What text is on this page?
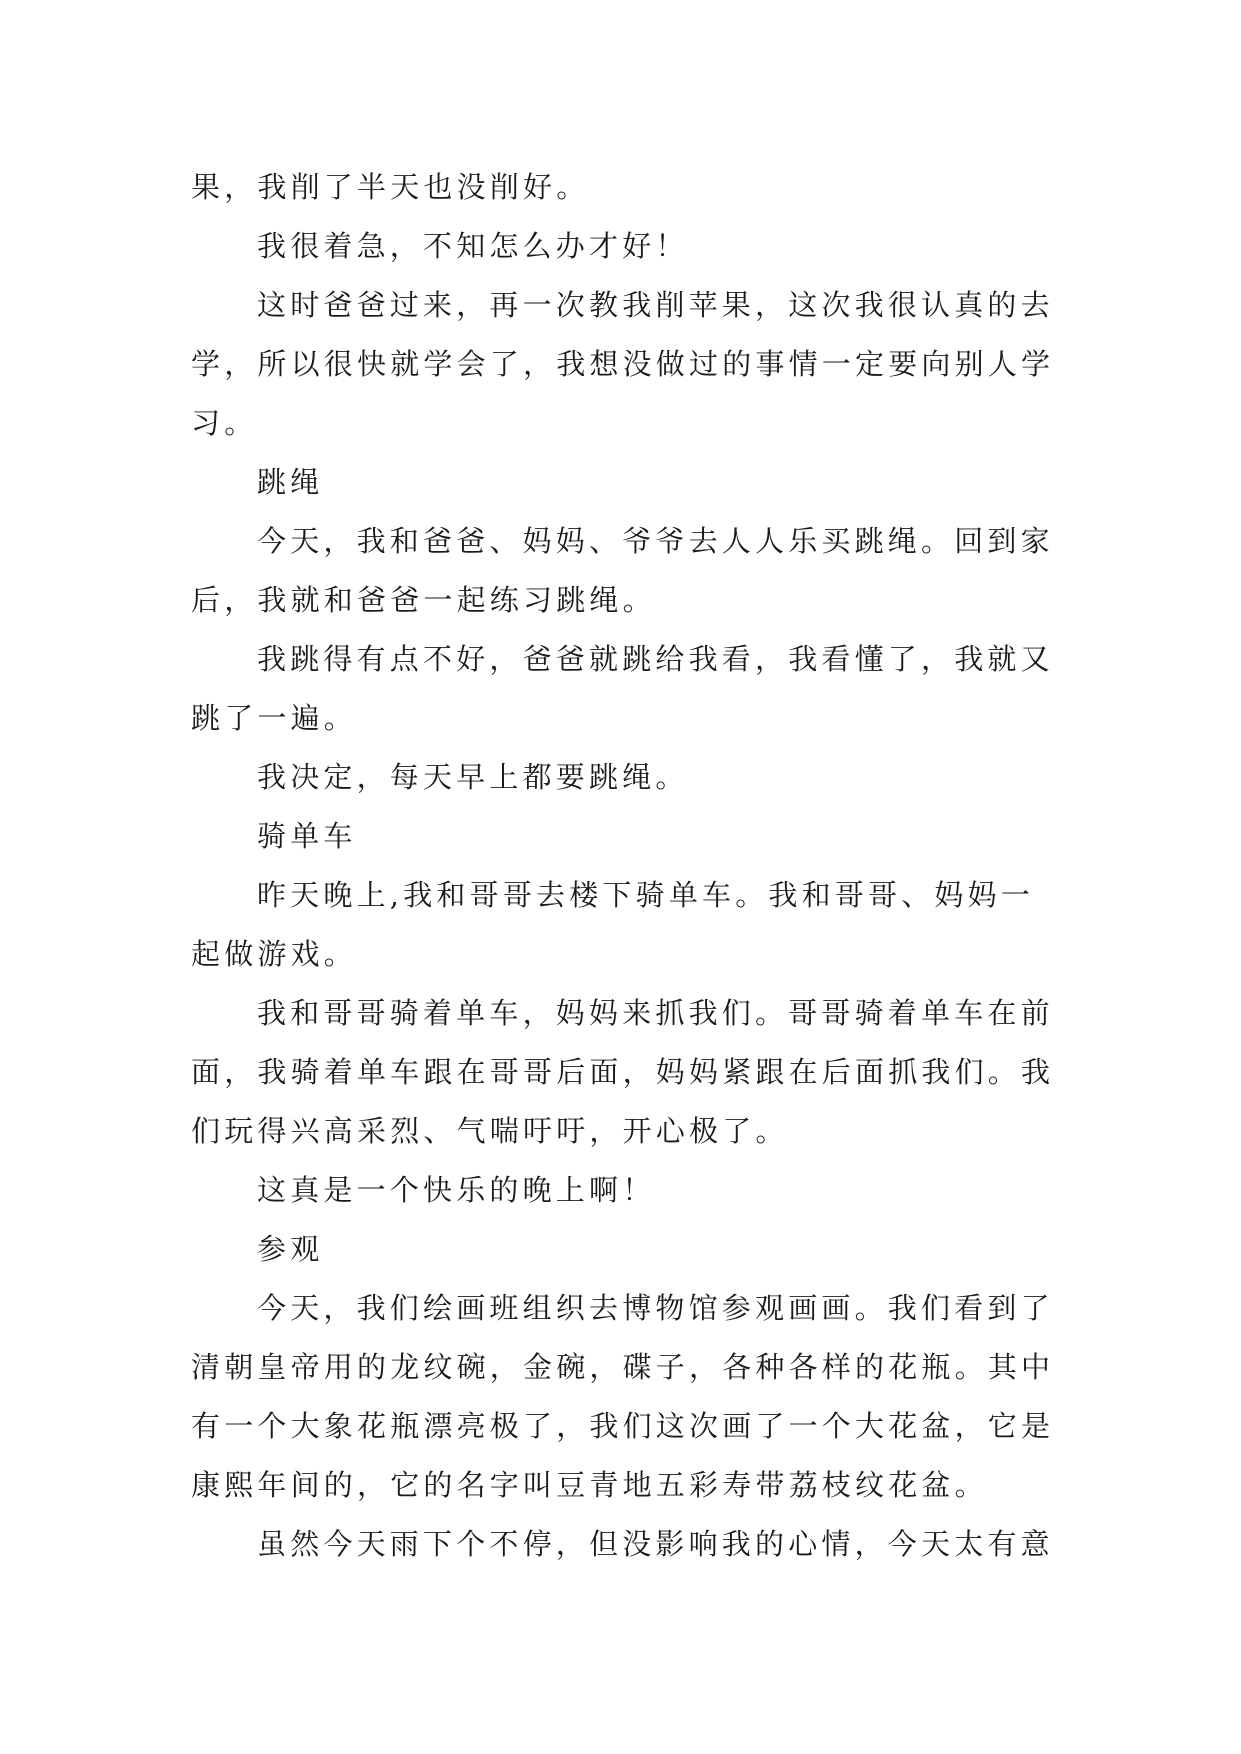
果，我削了半天也没削好。
我很着急，不知怎么办才好！
这时爸爸过来，再一次教我削苹果，这次我很认真的去
学，所以很快就学会了，我想没做过的事情一定要向别人学
习。
跳绳
今天，我和爸爸、妈妈、爷爷去人人乐买跳绳。回到家
后，我就和爸爸一起练习跳绳。
我跳得有点不好，爸爸就跳给我看，我看懂了，我就又
跳了一遍。
我决定，每天早上都要跳绳。
骑单车
昨天晚上,我和哥哥去楼下骑单车。我和哥哥、妈妈一
起做游戏。
我和哥哥骑着单车，妈妈来抓我们。哥哥骑着单车在前
面，我骑着单车跟在哥哥后面，妈妈紧跟在后面抓我们。我
们玩得兴高采烈、气喘吁吁，开心极了。
这真是一个快乐的晚上啊！
参观
今天，我们绘画班组织去博物馆参观画画。我们看到了
清朝皇帝用的龙纹碗，金碗，碟子，各种各样的花瓶。其中
有一个大象花瓶漂亮极了，我们这次画了一个大花盆，它是
康熙年间的，它的名字叫豆青地五彩寿带荔枝纹花盆。
虽然今天雨下个不停，但没影响我的心情，今天太有意
